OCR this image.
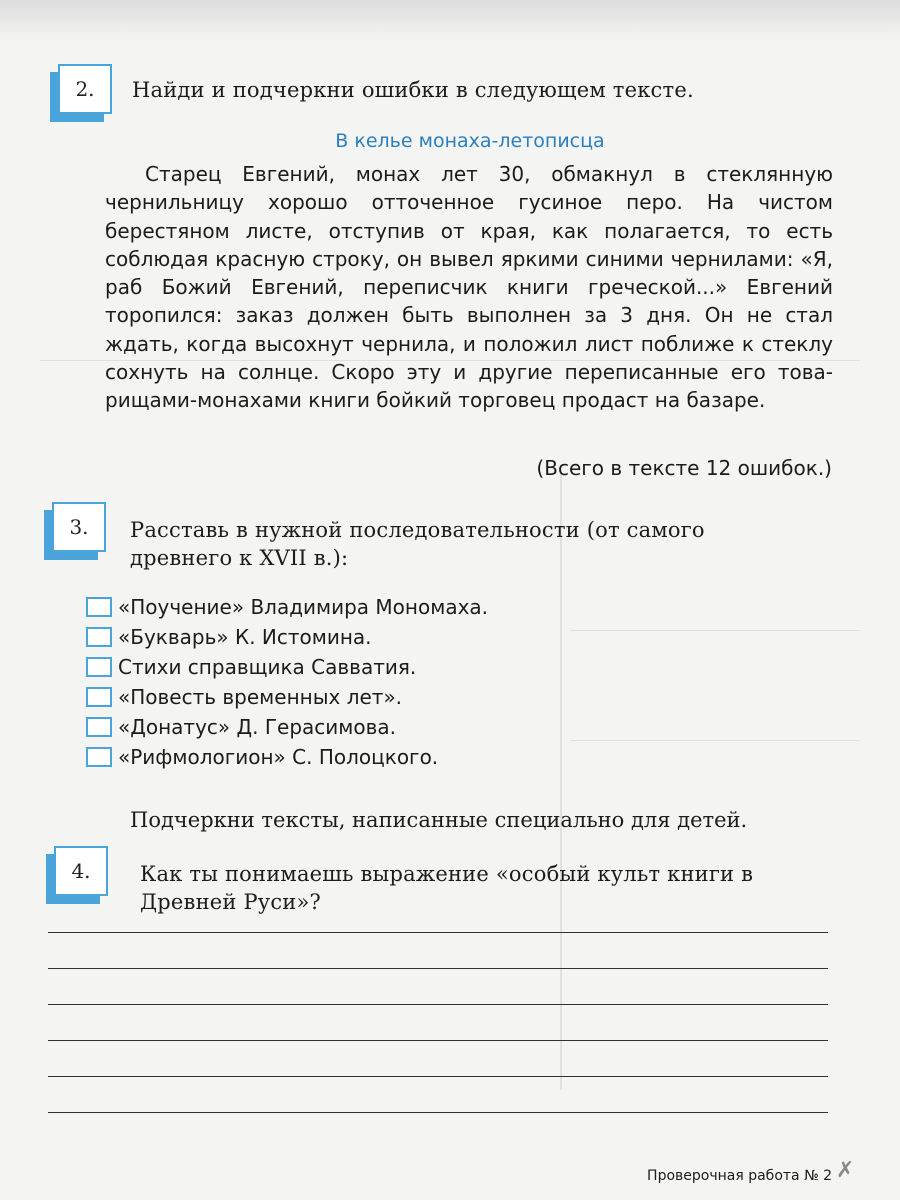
2. Найди и подчеркни ошибки в следующем тексте.
В келье монаха-летописца
Старец Евгений, монах лет 30, обмакнул в стеклянную чернильницу хорошо отточенное гусиное перо. На чистом берестяном листе, отступив от края, как полагается, то есть соблюдая красную строку, он вывел яркими синими чернилами: «Я, раб Божий Евгений, переписчик книги греческой...» Евгений торопился: заказ должен быть выполнен за 3 дня. Он не стал ждать, когда высохнут чернила, и положил лист поближе к стеклу сохнуть на солнце. Скоро эту и другие переписанные его това-рищами-монахами книги бойкий торговец продаст на базаре.
(Всего в тексте 12 ошибок.)
3. Расставь в нужной последовательности (от самого древнего к XVII в.):
«Поучение» Владимира Мономаха.
«Букварь» К. Истомина.
Стихи справщика Савватия.
«Повесть временных лет».
«Донатус» Д. Герасимова.
«Рифмологион» С. Полоцкого.
Подчеркни тексты, написанные специально для детей.
4. Как ты понимаешь выражение «особый культ книги в Древней Руси»?
Проверочная работа № 2 ✗
